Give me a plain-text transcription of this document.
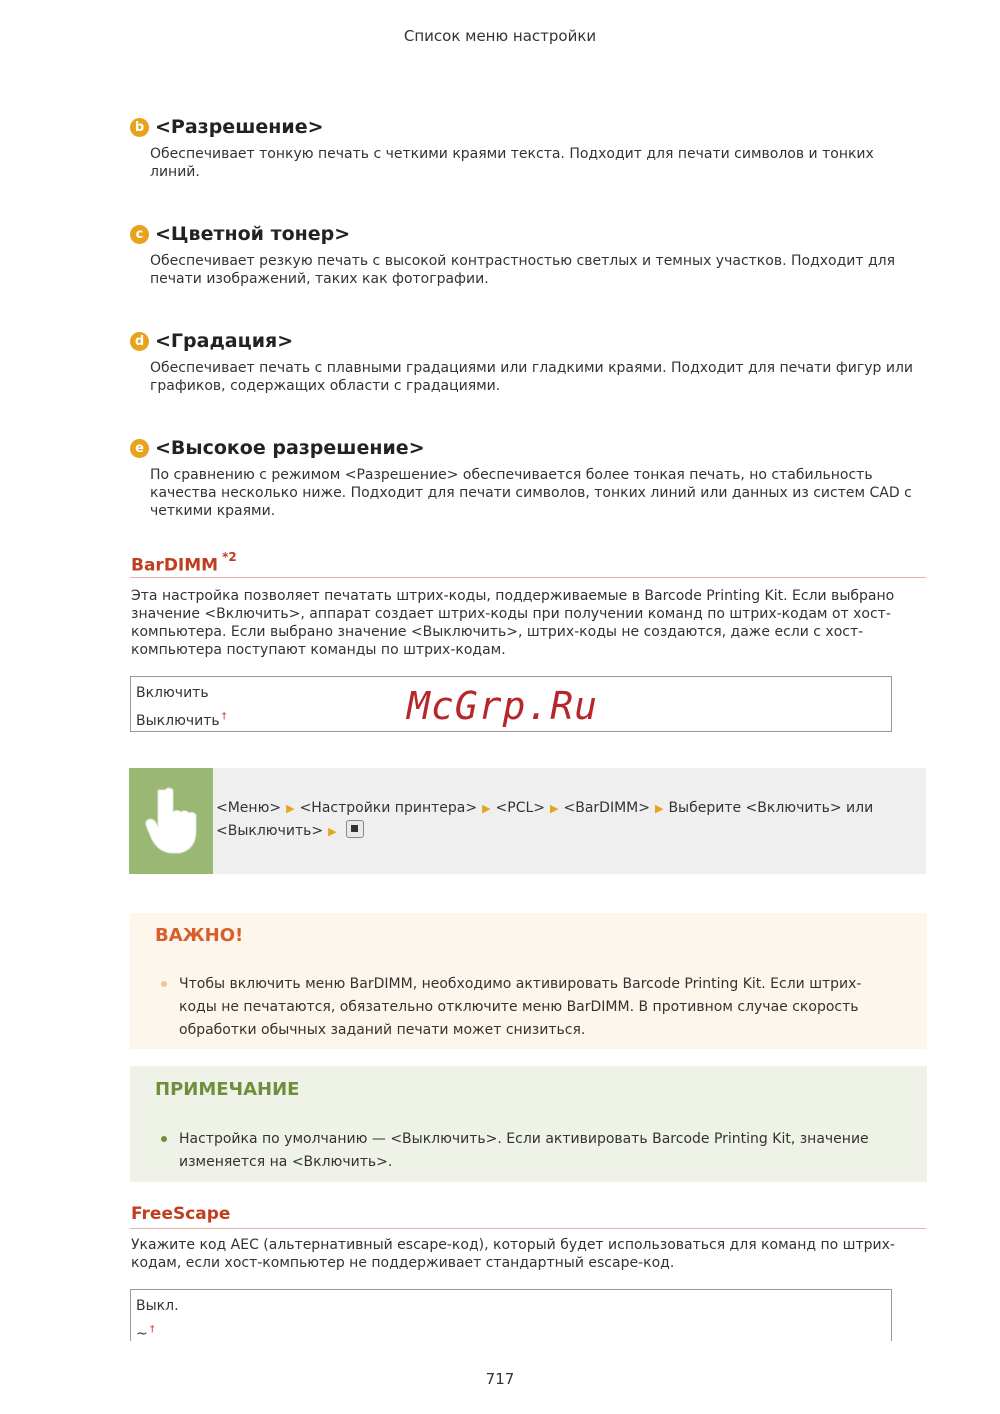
Список меню настройки
b <Разрешение>
Обеспечивает тонкую печать с четкими краями текста. Подходит для печати символов и тонких линий.
c <Цветной тонер>
Обеспечивает резкую печать с высокой контрастностью светлых и темных участков. Подходит для печати изображений, таких как фотографии.
d <Градация>
Обеспечивает печать с плавными градациями или гладкими краями. Подходит для печати фигур или графиков, содержащих области с градациями.
e <Высокое разрешение>
По сравнению с режимом <Разрешение> обеспечивается более тонкая печать, но стабильность качества несколько ниже. Подходит для печати символов, тонких линий или данных из систем CAD с четкими краями.
BarDIMM $^{*2}$
Эта настройка позволяет печатать штрих-коды, поддерживаемые в Barcode Printing Kit. Если выбрано значение <Включить>, аппарат создает штрих-коды при получении команд по штрих-кодам от хост-компьютера. Если выбрано значение <Выключить>, штрих-коды не создаются, даже если с хост-компьютера поступают команды по штрих-кодам.
Включить
Выключить †	McGrp.Ru
<Меню> ▶ <Настройки принтера> ▶ <PCL> ▶ <BarDIMM> ▶ Выберите <Включить> или <Выключить> ▶
ВАЖНО!
Чтобы включить меню BarDIMM, необходимо активировать Barcode Printing Kit. Если штрих-коды не печатаются, обязательно отключите меню BarDIMM. В противном случае скорость обработки обычных заданий печати может снизиться.
ПРИМЕЧАНИЕ
Настройка по умолчанию — <Выключить>. Если активировать Barcode Printing Kit, значение изменяется на <Включить>.
FreeScape
Укажите код AEC (альтернативный escape-код), который будет использоваться для команд по штрих-кодам, если хост-компьютер не поддерживает стандартный escape-код.
Выкл.
~ †
717
